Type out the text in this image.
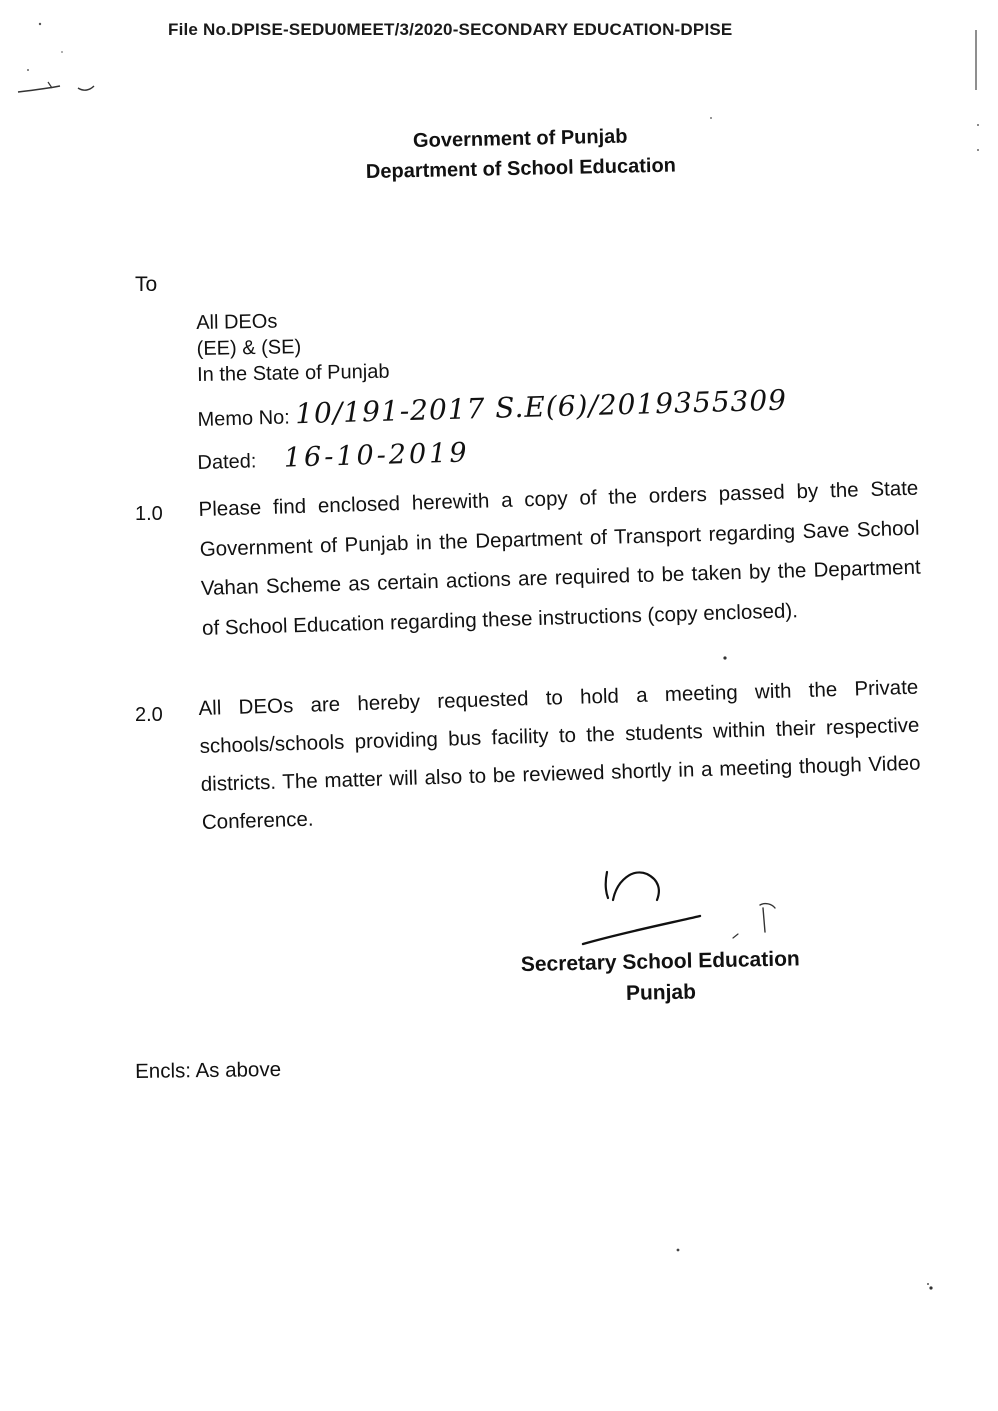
File No.DPISE-SEDU0MEET/3/2020-SECONDARY EDUCATION-DPISE
Government of Punjab
Department of School Education
To
All DEOs
(EE) & (SE)
In the State of Punjab
Memo No: 10/191-2017 S.E(6)/2019355309
Dated: 16-10-2019
1.0 Please find enclosed herewith a copy of the orders passed by the State Government of Punjab in the Department of Transport regarding Save School Vahan Scheme as certain actions are required to be taken by the Department of School Education regarding these instructions (copy enclosed).
2.0 All DEOs are hereby requested to hold a meeting with the Private schools/schools providing bus facility to the students within their respective districts. The matter will also to be reviewed shortly in a meeting though Video Conference.
Secretary School Education
Punjab
Encls: As above
